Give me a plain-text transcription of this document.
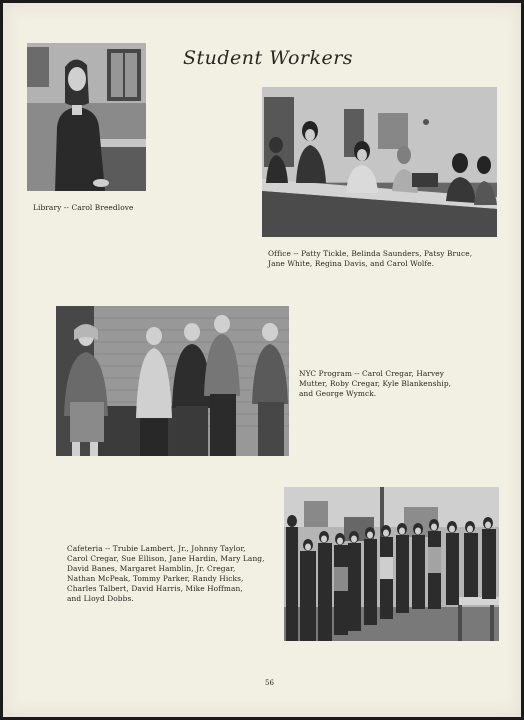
Student Workers

Library -- Carol Breedlove

Office -- Patty Tickle, Belinda Saunders, Patsy Bruce,
Jane White, Regina Davis, and Carol Wolfe.

NYC Program -- Carol Cregar, Harvey
Mutter, Roby Cregar, Kyle Blankenship,
and George Wymck.

Cafeteria -- Trubie Lambert, Jr., Johnny Taylor,
Carol Cregar, Sue Ellison, Jane Hardin, Mary Lang,
David Banes, Margaret Hamblin, Jr. Cregar,
Nathan McPeak, Tommy Parker, Randy Hicks,
Charles Talbert, David Harris, Mike Hoffman,
and Lloyd Dobbs.

56
